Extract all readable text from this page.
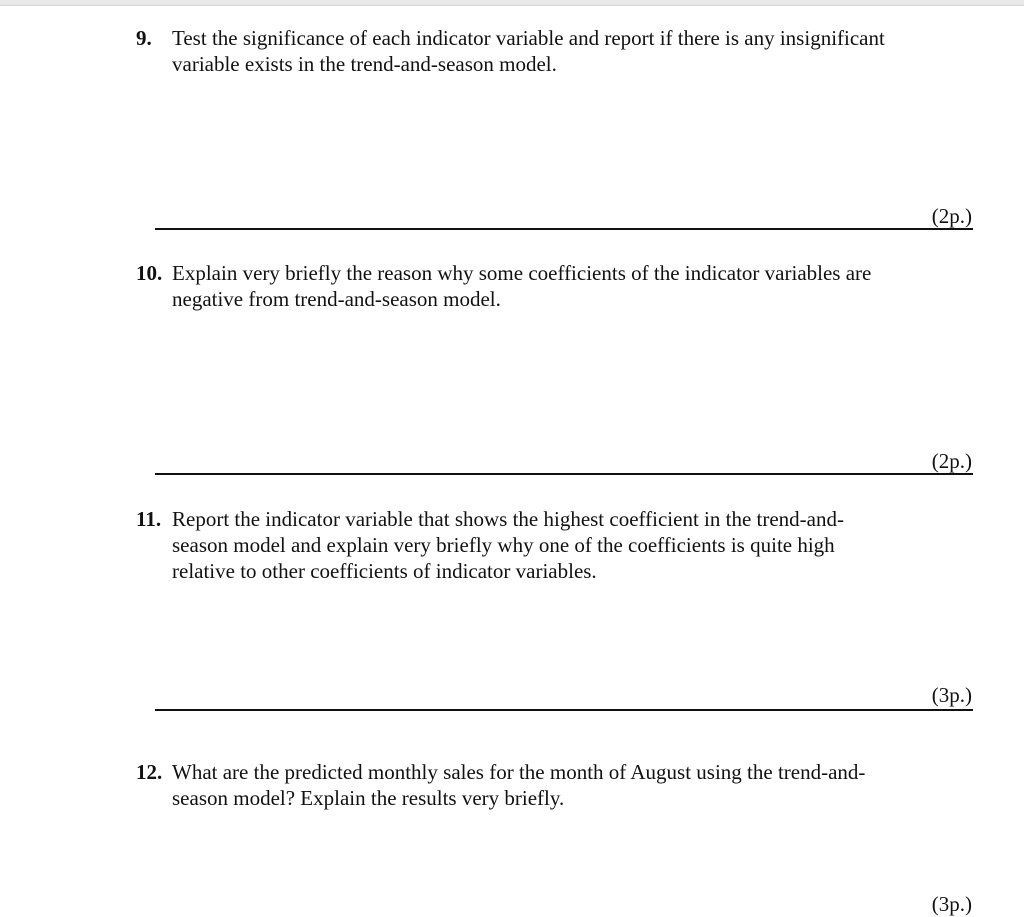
9. Test the significance of each indicator variable and report if there is any insignificant
variable exists in the trend-and-season model.
(2p.)
10. Explain very briefly the reason why some coefficients of the indicator variables are
negative from trend-and-season model.
(2p.)
11. Report the indicator variable that shows the highest coefficient in the trend-and-
season model and explain very briefly why one of the coefficients is quite high
relative to other coefficients of indicator variables.
(3p.)
12. What are the predicted monthly sales for the month of August using the trend-and-
season model? Explain the results very briefly.
(3p.)
